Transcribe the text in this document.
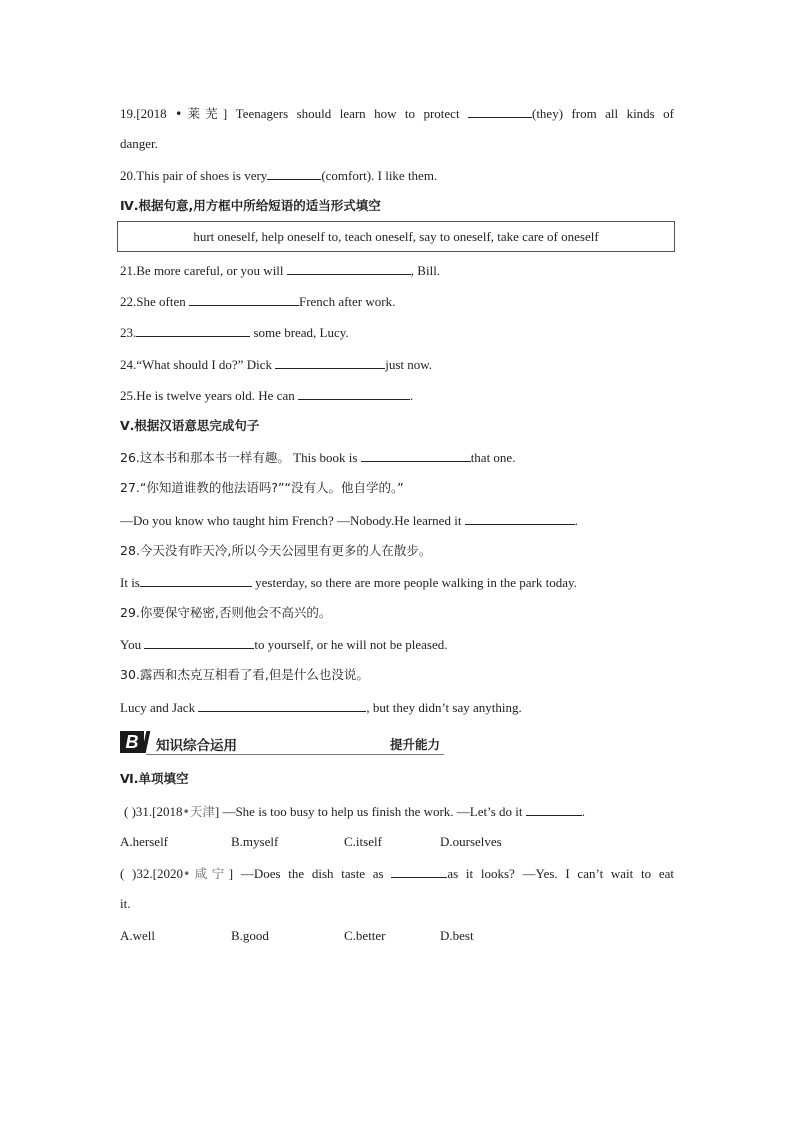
19.[2018 •莱芜] Teenagers should learn how to protect	(they) from all kinds of
danger.
20.This pair of shoes is very	(comfort). I like them.
Ⅳ.根据句意,用方框中所给短语的适当形式填空
hurt oneself, help oneself to, teach oneself, say to oneself, take care of oneself
21.Be more careful, or you will	, Bill.
22.She often	French after work.
23.	some bread, Lucy.
24.“What should I do?” Dick	just now.
25.He is twelve years old. He can	.
Ⅴ.根据汉语意思完成句子
26.这本书和那本书一样有趣。 This book is	that one.
27.“你知道谁教的他法语吗?”“没有人。他自学的。”
—Do you know who taught him French? —Nobody.He learned it	.
28.今天没有昨天冷,所以今天公园里有更多的人在散步。
It is	yesterday, so there are more people walking in the park today.
29.你要保守秘密,否则他会不高兴的。
You	to yourself, or he will not be pleased.
30.露西和杰克互相看了看,但是什么也没说。
Lucy and Jack	, but they didn’t say anything.
B	知识综合运用	提升能力
Ⅵ.单项填空
( )31.[2018•天津] —She is too busy to help us finish the work. —Let’s do it	.
A.herself	B.myself	C.itself	D.ourselves
( )32.[2020•咸宁] —Does the dish taste as	as it looks? —Yes. I can’t wait to eat
it.
A.well	B.good	C.better	D.best
